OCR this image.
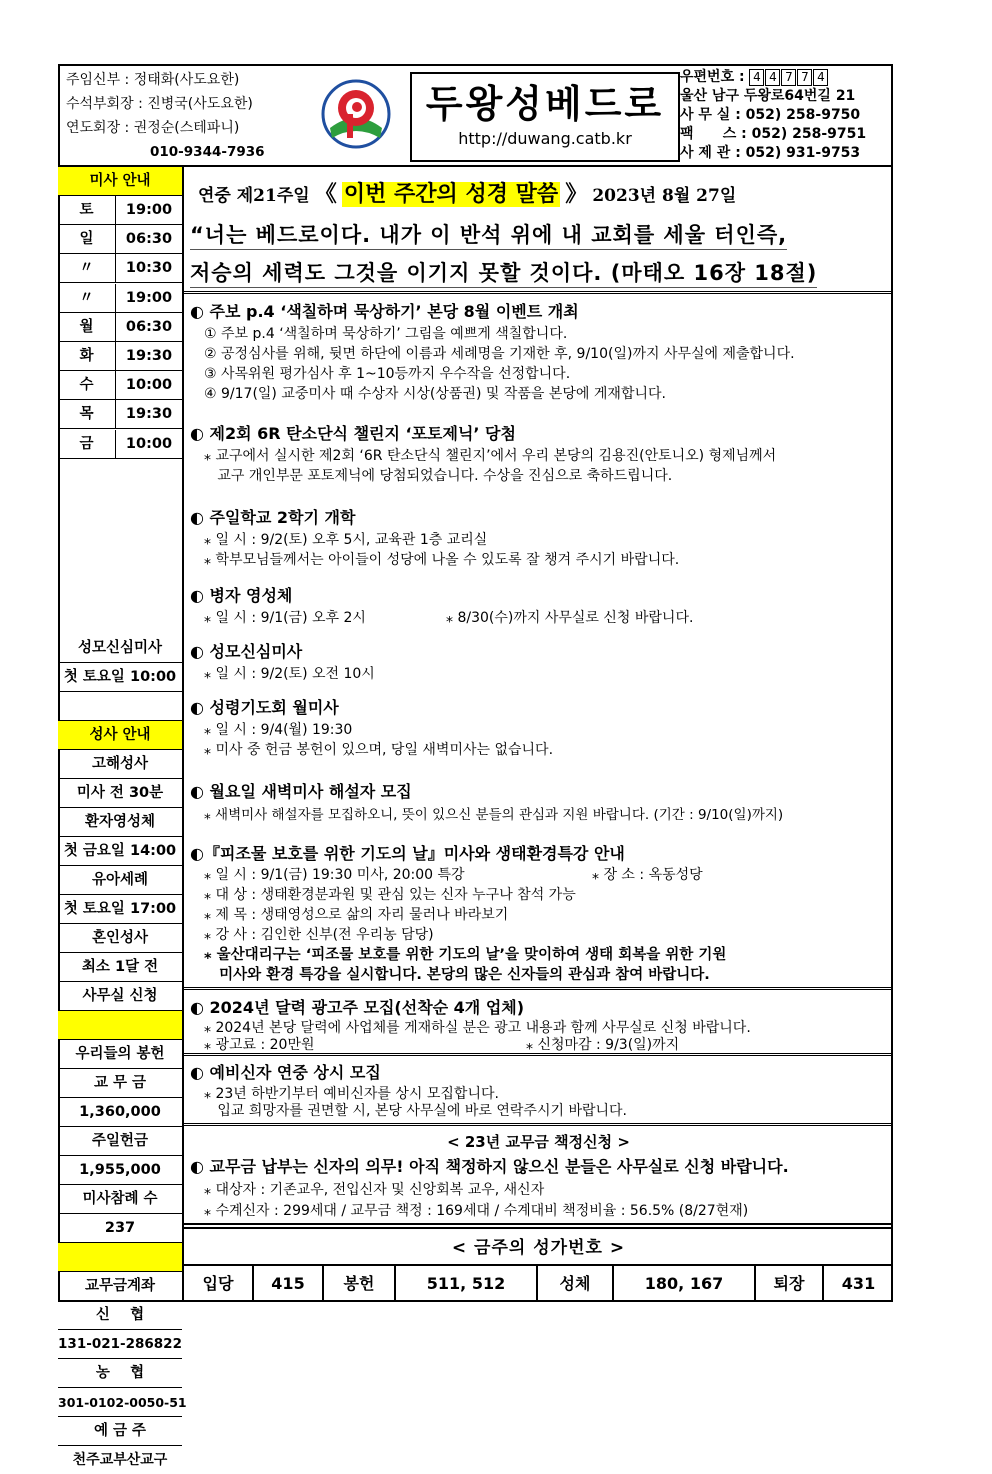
주임신부 : 정태화(사도요한)
수석부회장 : 진병국(사도요한)
연도회장 : 권정순(스테파니)
010-9344-7936
두왕성베드로
http://duwang.catb.kr
우편번호 : 4 4 7 7 4
울산 남구 두왕로64번길 21
사 무 실 : 052) 258-9750
팩      스 : 052) 258-9751
사 제 관 : 052) 931-9753
미사 안내
토	19:00
일	06:30
〃	10:30
〃	19:00
월	06:30
화	19:30
수	10:00
목	19:30
금	10:00
성모신심미사
첫 토요일 10:00
성사 안내
고해성사
미사 전 30분
환자영성체
첫 금요일 14:00
유아세례
첫 토요일 17:00
혼인성사
최소 1달 전
사무실 신청
우리들의 봉헌
교 무 금
1,360,000
주일헌금
1,955,000
미사참례 수
237
교무금계좌
신    협
131-021-286822
농    협
301-0102-0050-51
예 금 주
천주교부산교구
연중 제21주일 《 이번 주간의 성경 말씀 》 2023년 8월 27일
“너는 베드로이다. 내가 이 반석 위에 내 교회를 세울 터인즉,
저승의 세력도 그것을 이기지 못할 것이다. (마태오 16장 18절)
◐ 주보 p.4 ‘색칠하며 묵상하기’ 본당 8월 이벤트 개최
① 주보 p.4 ‘색칠하며 묵상하기’ 그림을 예쁘게 색칠합니다.
② 공정심사를 위해, 뒷면 하단에 이름과 세례명을 기재한 후, 9/10(일)까지 사무실에 제출합니다.
③ 사목위원 평가심사 후 1~10등까지 우수작을 선정합니다.
④ 9/17(일) 교중미사 때 수상자 시상(상품권) 및 작품을 본당에 게재합니다.
◐ 제2회 6R 탄소단식 챌린지 ‘포토제닉’ 당첨
⁎ 교구에서 실시한 제2회 ‘6R 탄소단식 챌린지’에서 우리 본당의 김용진(안토니오) 형제님께서
교구 개인부문 포토제닉에 당첨되었습니다. 수상을 진심으로 축하드립니다.
◐ 주일학교 2학기 개학
⁎ 일 시 : 9/2(토) 오후 5시, 교육관 1층 교리실
⁎ 학부모님들께서는 아이들이 성당에 나올 수 있도록 잘 챙겨 주시기 바랍니다.
◐ 병자 영성체
⁎ 일 시 : 9/1(금) 오후 2시	⁎ 8/30(수)까지 사무실로 신청 바랍니다.
◐ 성모신심미사
⁎ 일 시 : 9/2(토) 오전 10시
◐ 성령기도회 월미사
⁎ 일 시 : 9/4(월) 19:30
⁎ 미사 중 헌금 봉헌이 있으며, 당일 새벽미사는 없습니다.
◐ 월요일 새벽미사 해설자 모집
⁎ 새벽미사 해설자를 모집하오니, 뜻이 있으신 분들의 관심과 지원 바랍니다. (기간 : 9/10(일)까지)
◐『피조물 보호를 위한 기도의 날』미사와 생태환경특강 안내
⁎ 일 시 : 9/1(금) 19:30 미사, 20:00 특강	⁎ 장 소 : 옥동성당
⁎ 대 상 : 생태환경분과원 및 관심 있는 신자 누구나 참석 가능
⁎ 제 목 : 생태영성으로 삶의 자리 물러나 바라보기
⁎ 강 사 : 김인한 신부(전 우리농 담당)
⁎ 울산대리구는 ‘피조물 보호를 위한 기도의 날’을 맞이하여 생태 회복을 위한 기원
미사와 환경 특강을 실시합니다. 본당의 많은 신자들의 관심과 참여 바랍니다.
◐ 2024년 달력 광고주 모집(선착순 4개 업체)
⁎ 2024년 본당 달력에 사업체를 게재하실 분은 광고 내용과 함께 사무실로 신청 바랍니다.
⁎ 광고료 : 20만원	⁎ 신청마감 : 9/3(일)까지
◐ 예비신자 연중 상시 모집
⁎ 23년 하반기부터 예비신자를 상시 모집합니다.
입교 희망자를 권면할 시, 본당 사무실에 바로 연락주시기 바랍니다.
< 23년 교무금 책정신청 >
◐ 교무금 납부는 신자의 의무! 아직 책정하지 않으신 분들은 사무실로 신청 바랍니다.
⁎ 대상자 : 기존교우, 전입신자 및 신앙회복 교우, 새신자
⁎ 수계신자 : 299세대 / 교무금 책정 : 169세대 / 수계대비 책정비율 : 56.5% (8/27현재)
< 금주의 성가번호 >
입당	415	봉헌	511, 512	성체	180, 167	퇴장	431
